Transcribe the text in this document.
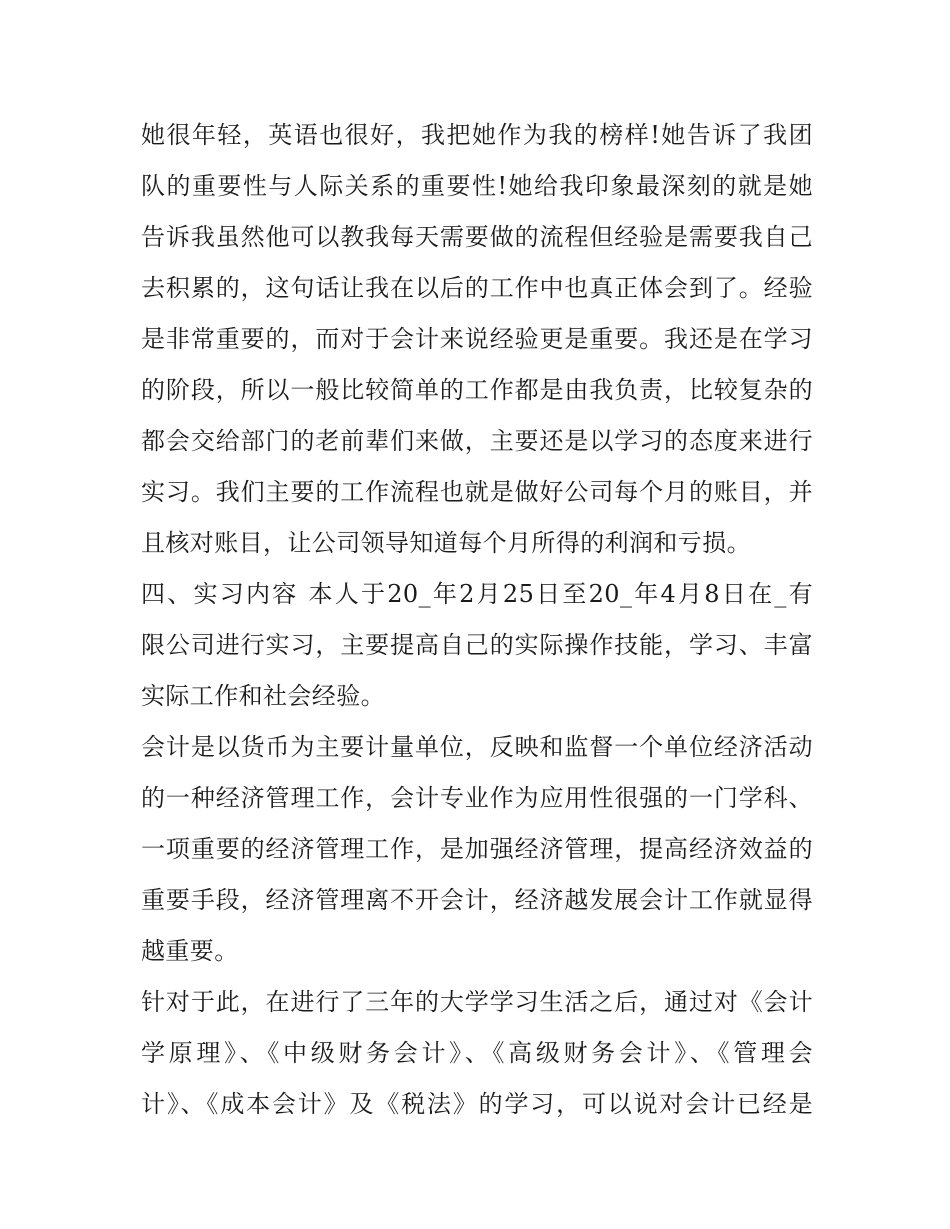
她很年轻，英语也很好，我把她作为我的榜样!她告诉了我团
队的重要性与人际关系的重要性!她给我印象最深刻的就是她
告诉我虽然他可以教我每天需要做的流程但经验是需要我自己
去积累的，这句话让我在以后的工作中也真正体会到了。经验
是非常重要的，而对于会计来说经验更是重要。我还是在学习
的阶段，所以一般比较简单的工作都是由我负责，比较复杂的
都会交给部门的老前辈们来做，主要还是以学习的态度来进行
实习。我们主要的工作流程也就是做好公司每个月的账目，并
且核对账目，让公司领导知道每个月所得的利润和亏损。
四、实习内容 本人于20_年2月25日至20_年4月8日在_有
限公司进行实习，主要提高自己的实际操作技能，学习、丰富
实际工作和社会经验。
会计是以货币为主要计量单位，反映和监督一个单位经济活动
的一种经济管理工作，会计专业作为应用性很强的一门学科、
一项重要的经济管理工作，是加强经济管理，提高经济效益的
重要手段，经济管理离不开会计，经济越发展会计工作就显得
越重要。
针对于此，在进行了三年的大学学习生活之后，通过对《会计
学原理》、《中级财务会计》、《高级财务会计》、《管理会
计》、《成本会计》及《税法》的学习，可以说对会计已经是
